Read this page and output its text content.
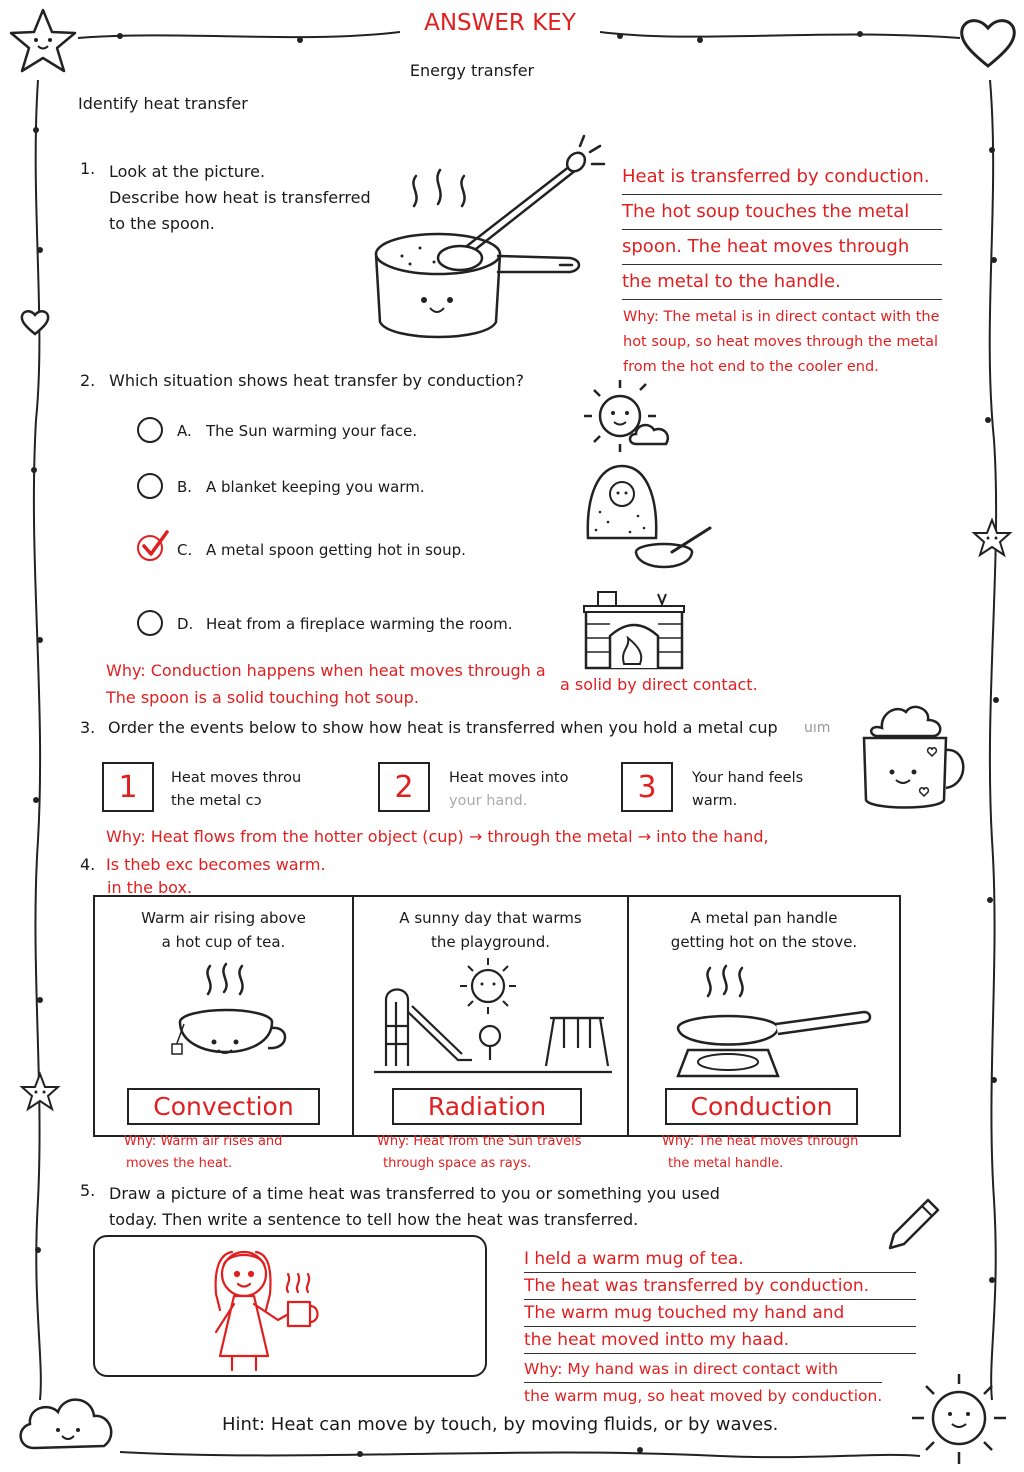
ANSWER KEY
Energy transfer
Identify heat transfer
1. Look at the picture.
Describe how heat is transferred
to the spoon.
Heat is transferred by conduction.
The hot soup touches the metal
spoon. The heat moves through
the metal to the handle.
Why: The metal is in direct contact with the
hot soup, so heat moves through the metal
from the hot end to the cooler end.
2. Which situation shows heat transfer by conduction?
A. The Sun warming your face.
B. A blanket keeping you warm.
C. A metal spoon getting hot in soup.
D. Heat from a fireplace warming the room.
Why: Conduction happens when heat moves through a
a solid by direct contact.
The spoon is a solid touching hot soup.
3. Order the events below to show how heat is transferred when you hold a metal cup uım
1	Heat moves throu
the metal cɔ	2	Heat moves into
your hand.	3	Your hand feels
warm.
Why: Heat flows from the hotter object (cup) → through the metal → into the hand,
Is theb exc becomes warm.
4.
in the box.
Warm air rising above
a hot cup of tea.
Convection
Why: Warm air rises and
moves the heat.
A sunny day that warms
the playground.
Radiation
Why: Heat from the Sun travels
through space as rays.
A metal pan handle
getting hot on the stove.
Conduction
Why: The heat moves through
the metal handle.
5. Draw a picture of a time heat was transferred to you or something you used
today. Then write a sentence to tell how the heat was transferred.
I held a warm mug of tea.
The heat was transferred by conduction.
The warm mug touched my hand and
the heat moved intto my haad.
Why: My hand was in direct contact with
the warm mug, so heat moved by conduction.
Hint: Heat can move by touch, by moving fluids, or by waves.
